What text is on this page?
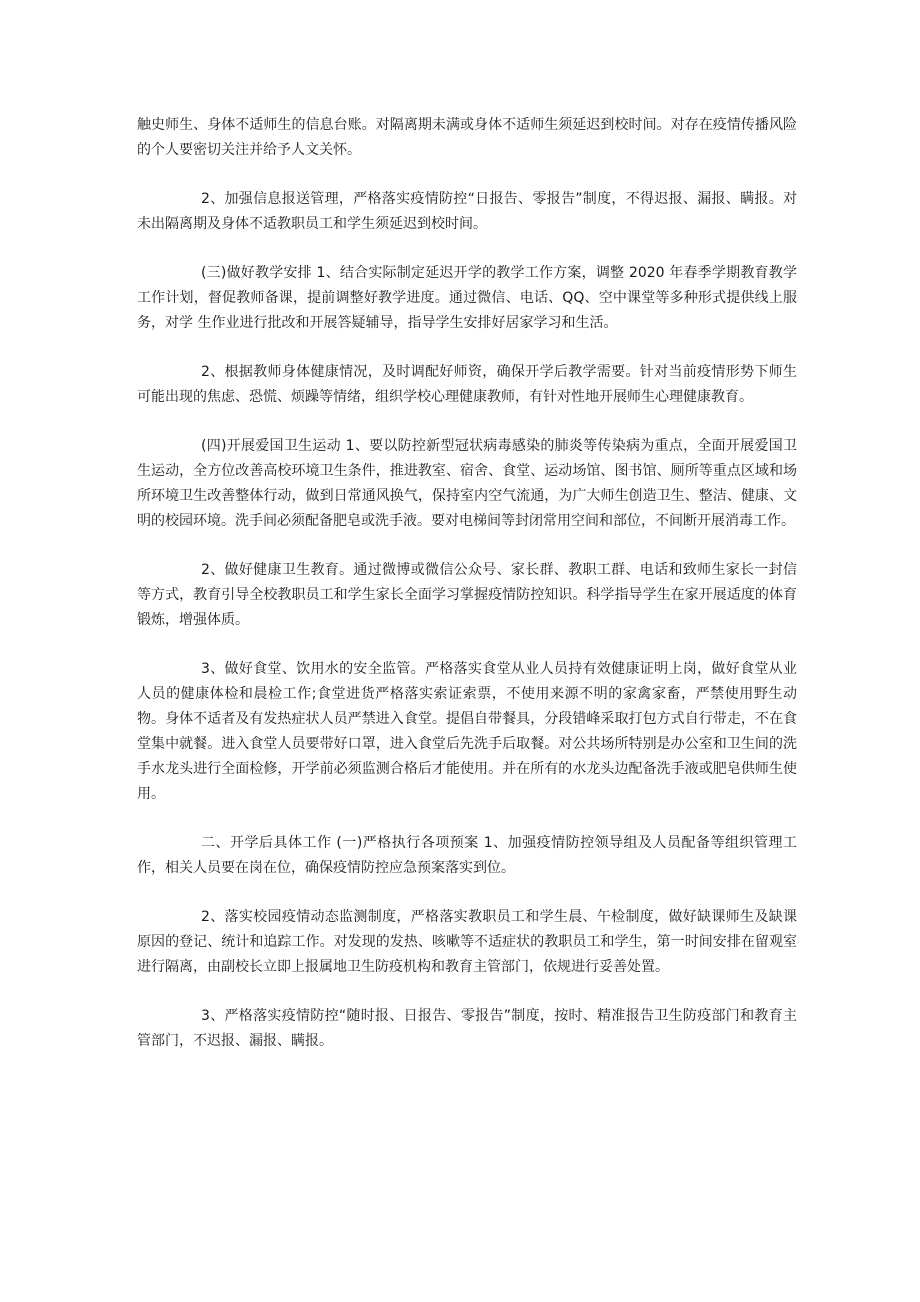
触史师生、身体不适师生的信息台账。对隔离期未满或身体不适师生须延迟到校时间。对存在疫情传播风险的个人要密切关注并给予人文关怀。

2、加强信息报送管理，严格落实疫情防控“日报告、零报告”制度，不得迟报、漏报、瞒报。对未出隔离期及身体不适教职员工和学生须延迟到校时间。

(三)做好教学安排 1、结合实际制定延迟开学的教学工作方案，调整 2020 年春季学期教育教学工作计划，督促教师备课，提前调整好教学进度。通过微信、电话、QQ、空中课堂等多种形式提供线上服务，对学 生作业进行批改和开展答疑辅导，指导学生安排好居家学习和生活。

2、根据教师身体健康情况，及时调配好师资，确保开学后教学需要。针对当前疫情形势下师生可能出现的焦虑、恐慌、烦躁等情绪，组织学校心理健康教师，有针对性地开展师生心理健康教育。

(四)开展爱国卫生运动 1、要以防控新型冠状病毒感染的肺炎等传染病为重点，全面开展爱国卫生运动，全方位改善高校环境卫生条件，推进教室、宿舍、食堂、运动场馆、图书馆、厕所等重点区域和场所环境卫生改善整体行动，做到日常通风换气，保持室内空气流通，为广大师生创造卫生、整洁、健康、文明的校园环境。洗手间必须配备肥皂或洗手液。要对电梯间等封闭常用空间和部位，不间断开展消毒工作。

2、做好健康卫生教育。通过微博或微信公众号、家长群、教职工群、电话和致师生家长一封信等方式，教育引导全校教职员工和学生家长全面学习掌握疫情防控知识。科学指导学生在家开展适度的体育锻炼，增强体质。

3、做好食堂、饮用水的安全监管。严格落实食堂从业人员持有效健康证明上岗，做好食堂从业人员的健康体检和晨检工作;食堂进货严格落实索证索票，不使用来源不明的家禽家畜，严禁使用野生动物。身体不适者及有发热症状人员严禁进入食堂。提倡自带餐具，分段错峰采取打包方式自行带走，不在食堂集中就餐。进入食堂人员要带好口罩，进入食堂后先洗手后取餐。对公共场所特别是办公室和卫生间的洗手水龙头进行全面检修，开学前必须监测合格后才能使用。并在所有的水龙头边配备洗手液或肥皂供师生使用。

二、开学后具体工作 (一)严格执行各项预案 1、加强疫情防控领导组及人员配备等组织管理工作，相关人员要在岗在位，确保疫情防控应急预案落实到位。

2、落实校园疫情动态监测制度，严格落实教职员工和学生晨、午检制度，做好缺课师生及缺课原因的登记、统计和追踪工作。对发现的发热、咳嗽等不适症状的教职员工和学生，第一时间安排在留观室进行隔离，由副校长立即上报属地卫生防疫机构和教育主管部门，依规进行妥善处置。

3、严格落实疫情防控“随时报、日报告、零报告”制度，按时、精准报告卫生防疫部门和教育主管部门，不迟报、漏报、瞒报。
